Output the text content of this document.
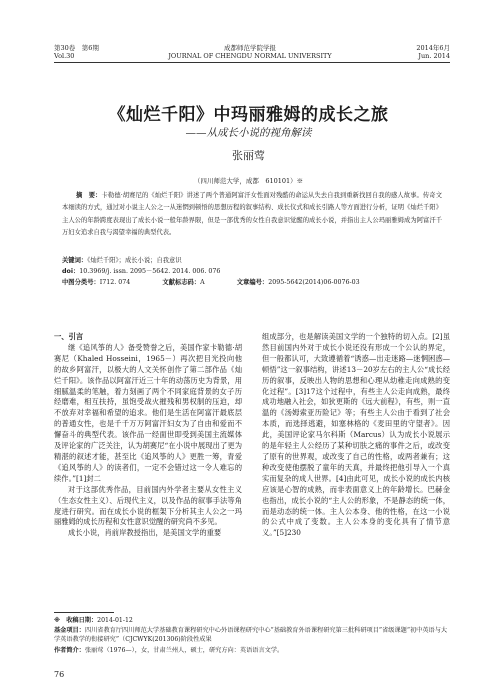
第30卷　第6期
Vol.30
成都师范学院学报
JOURNAL OF CHENGDU NORMAL UNIVERSITY
2014年6月
Jun. 2014
《灿烂千阳》中玛丽雅姆的成长之旅
——从成长小说的视角解读
张丽莺
（四川师范大学，成都　610101）※
摘　要：卡勒德·胡赛尼的《灿烂千阳》讲述了两个普通阿富汗女性面对残酷的命运从失去自我到重新找回自我的感人故事。传奇文本细读的方式，通过对小说主人公之一从迷惘到顿悟的思想历程的叙事结构、成长仪式和成长引路人等方面进行分析，证明《灿烂千阳》主人公的年龄跨度表现出了成长小说一般年龄界限，但是一部优秀的女性自我意识觉醒的成长小说，并指出主人公玛丽雅姆成为阿富汗千万妇女追求自我与渴望幸福的典型代表。
关键词：《灿烂千阳》；成长小说；自我意识
doi：10.3969/j. issn. 2095－5642. 2014. 006. 076
中图分类号：I712. 074	文献标志码：A	文章编号：2095-5642(2014)06-0076-03

一、引言

继《追风筝的人》备受赞誉之后，美国作家卡勒德·胡赛尼（Khaled Hosseini，1965－）再次把目光投向他的故乡阿富汗，以极大的人文关怀创作了第二部作品《灿烂千阳》。该作品以阿富汗近三十年的动荡历史为背景，用细腻温柔的笔触，着力刻画了两个不同家庭背景的女子历经磨难，相互扶持，虽饱受战火摧残和男权制的压迫，却不放弃对幸福和希望的追求。他们是生活在阿富汗最底层的普通女性，也是千千万万阿富汗妇女为了自由和爱而不懈奋斗的典型代表。该作品一经面世即受到美国主流媒体及评论家的广泛关注，认为胡赛尼“在小说中展现出了更为精湛的叙述才能，甚至比《追风筝的人》更胜一筹，青爱《追风筝的人》的读者们，一定不会错过这一令人难忘的续作。”[1]封二

对于这部优秀作品，目前国内外学者主要从女性主义（生态女性主义）、后现代主义，以及作品的叙事手法等角度进行研究。而在成长小说的框架下分析其主人公之一玛丽雅姆的成长历程和女性意识觉醒的研究尚不多见。

成长小说，肖前岸教授指出，是美国文学的重要

组成部分，也是解读美国文学的一个独特的切入点。[2]虽然目前国内外对于成长小说还没有形成一个公认的界定，但一般都认可，大致遵循着“诱惑—出走迷路—迷惘困惑—顿悟”这一叙事结构，讲述13－20岁左右的主人公“成长经历的叙事，反映出人物的思想和心理从幼稚走向成熟的变化过程”。[3]17这个过程中，有些主人公走向成熟，最终成功地融入社会，如狄更斯的《远大前程》，有些，则一直温的《汤姆索亚历险记》等；有些主人公由于看到了社会本质，而选择逃避，如塞林格的《麦田里的守望者》。因此，美国评论家马尔科斯（Marcus）认为成长小说展示的是年轻主人公经历了某种切肤之痛的事件之后，或改变了原有的世界观，或改变了自己的性格，或两者兼有；这种改变使他摆脱了童年的天真，并最终把他引导入一个真实而复杂的成人世界。[4]由此可见，成长小说的成长内核应该是心智的成熟，而非表面意义上的年龄增长。巴赫金也指出，成长小说的“主人公的形象，不是静态的统一体，而是动态的统一体。主人公本身、他的性格，在这一小说的公式中成了变数。主人公本身的变化具有了情节意义。”[5]230

※　收稿日期：2014-01-12
基金项目：四川省教育厅四川师范大学基础教育课程研究中心外语课程研究中心“基础教育外语课程研究第三批科研项目”省级课题“初中英语与大学英语教学的衔接研究”（CJCWYK(201306)阶段性成果
作者简介：张丽莺（1976—），女，甘肃兰州人，硕士，研究方向：英语语言文学。
76
